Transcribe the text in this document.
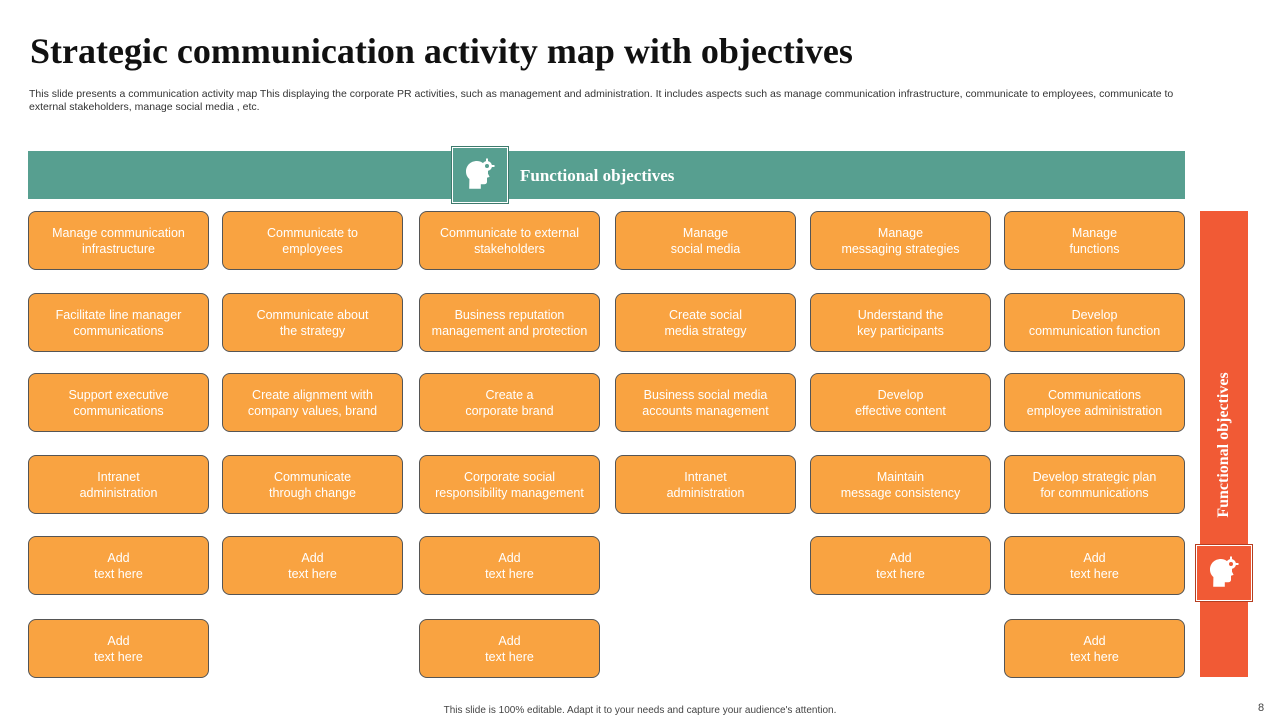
Strategic communication activity map with objectives

This slide presents a communication activity map This displaying the corporate PR activities, such as management and administration. It includes aspects such as manage communication infrastructure, communicate to employees, communicate to external stakeholders, manage social media , etc.

Functional objectives
Manage communication
infrastructure
Facilitate line manager
communications
Support executive
communications
Intranet
administration
Add
text here
Add
text here
Communicate to
employees
Communicate about
the strategy
Create alignment with
company values, brand
Communicate
through change
Add
text here
Communicate to external
stakeholders
Business reputation
management and protection
Create a
corporate brand
Corporate social
responsibility management
Add
text here
Add
text here
Manage
social media
Create social
media strategy
Business social media
accounts management
Intranet
administration
Manage
messaging strategies
Understand the
key participants
Develop
effective content
Maintain
message consistency
Add
text here
Manage
functions
Develop
communication function
Communications
employee administration
Develop strategic plan
for communications
Add
text here
Add
text here
Functional objectives
This slide is 100% editable. Adapt it to your needs and capture your audience's attention.	8
